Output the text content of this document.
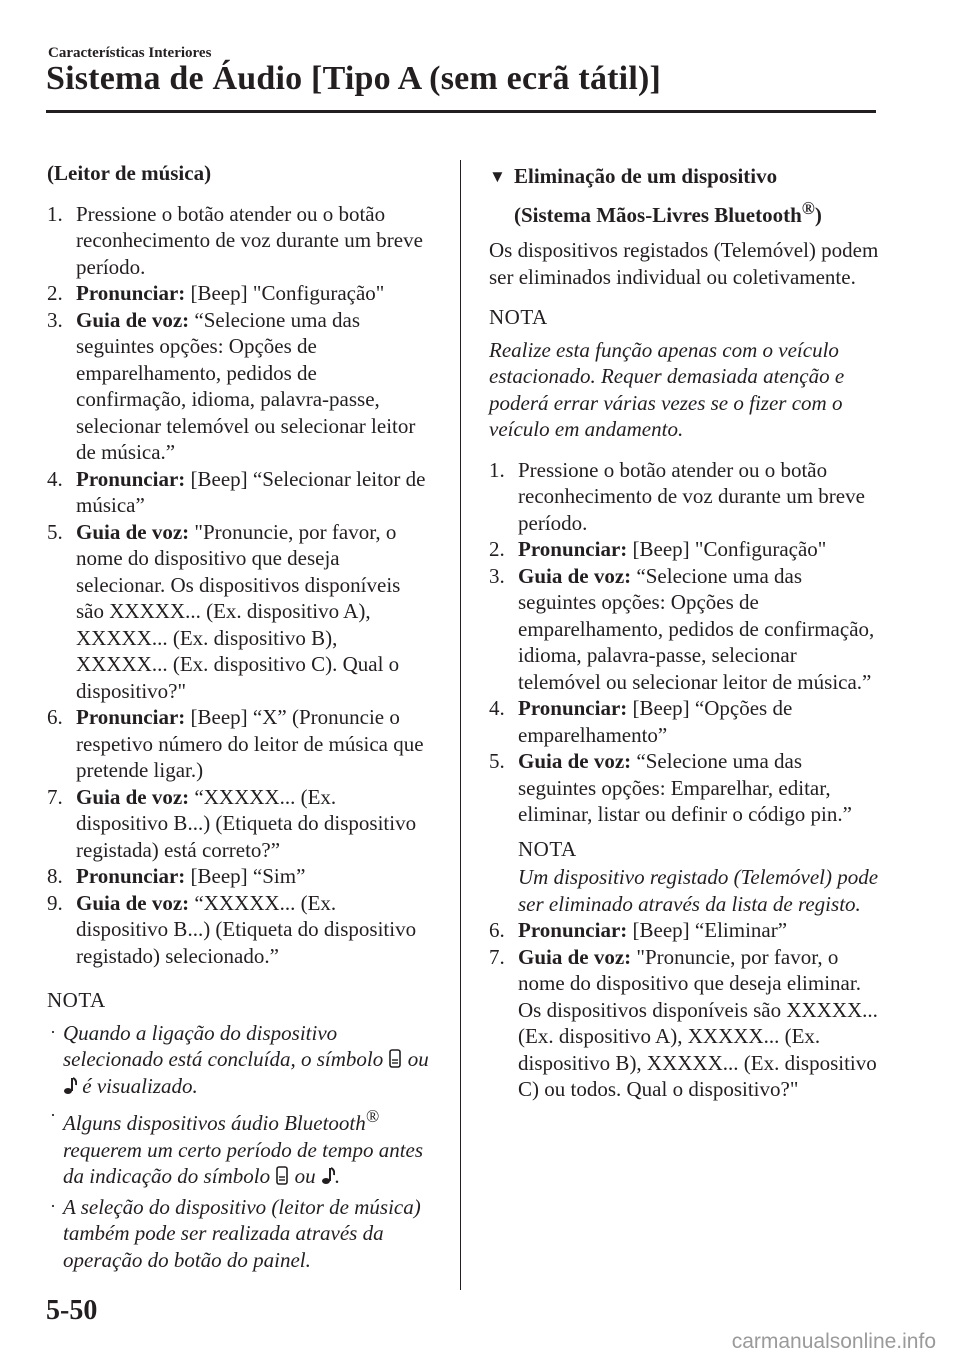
Características Interiores
Sistema de Áudio [Tipo A (sem ecrã tátil)]
(Leitor de música)
1. Pressione o botão atender ou o botão reconhecimento de voz durante um breve período.
2. Pronunciar: [Beep] "Configuração"
3. Guia de voz: “Selecione uma das seguintes opções: Opções de emparelhamento, pedidos de confirmação, idioma, palavra-passe, selecionar telemóvel ou selecionar leitor de música.”
4. Pronunciar: [Beep] “Selecionar leitor de música”
5. Guia de voz: "Pronuncie, por favor, o nome do dispositivo que deseja selecionar. Os dispositivos disponíveis são XXXXX... (Ex. dispositivo A), XXXXX... (Ex. dispositivo B), XXXXX... (Ex. dispositivo C). Qual o dispositivo?"
6. Pronunciar: [Beep] “X” (Pronuncie o respetivo número do leitor de música que pretende ligar.)
7. Guia de voz: “XXXXX... (Ex. dispositivo B...) (Etiqueta do dispositivo registada) está correto?”
8. Pronunciar: [Beep] “Sim”
9. Guia de voz: “XXXXX... (Ex. dispositivo B...) (Etiqueta do dispositivo registado) selecionado.”
NOTA
· Quando a ligação do dispositivo selecionado está concluída, o símbolo ou  é visualizado.
· Alguns dispositivos áudio Bluetooth® requerem um certo período de tempo antes da indicação do símbolo ou .
· A seleção do dispositivo (leitor de música) também pode ser realizada através da operação do botão do painel.
▼ Eliminação de um dispositivo
(Sistema Mãos-Livres Bluetooth®)

Os dispositivos registados (Telemóvel) podem ser eliminados individual ou coletivamente.

NOTA

Realize esta função apenas com o veículo estacionado. Requer demasiada atenção e poderá errar várias vezes se o fizer com o veículo em andamento.

1. Pressione o botão atender ou o botão reconhecimento de voz durante um breve período.
2. Pronunciar: [Beep] "Configuração"
3. Guia de voz: “Selecione uma das seguintes opções: Opções de emparelhamento, pedidos de confirmação, idioma, palavra-passe, selecionar telemóvel ou selecionar leitor de música.”
4. Pronunciar: [Beep] “Opções de emparelhamento”
5. Guia de voz: “Selecione uma das seguintes opções: Emparelhar, editar, eliminar, listar ou definir o código pin.”
NOTA

Um dispositivo registado (Telemóvel) pode ser eliminado através da lista de registo.

6. Pronunciar: [Beep] “Eliminar”
7. Guia de voz: "Pronuncie, por favor, o nome do dispositivo que deseja eliminar. Os dispositivos disponíveis são XXXXX... (Ex. dispositivo A), XXXXX... (Ex. dispositivo B), XXXXX... (Ex. dispositivo C) ou todos. Qual o dispositivo?"
5-50
carmanualsonline.info
